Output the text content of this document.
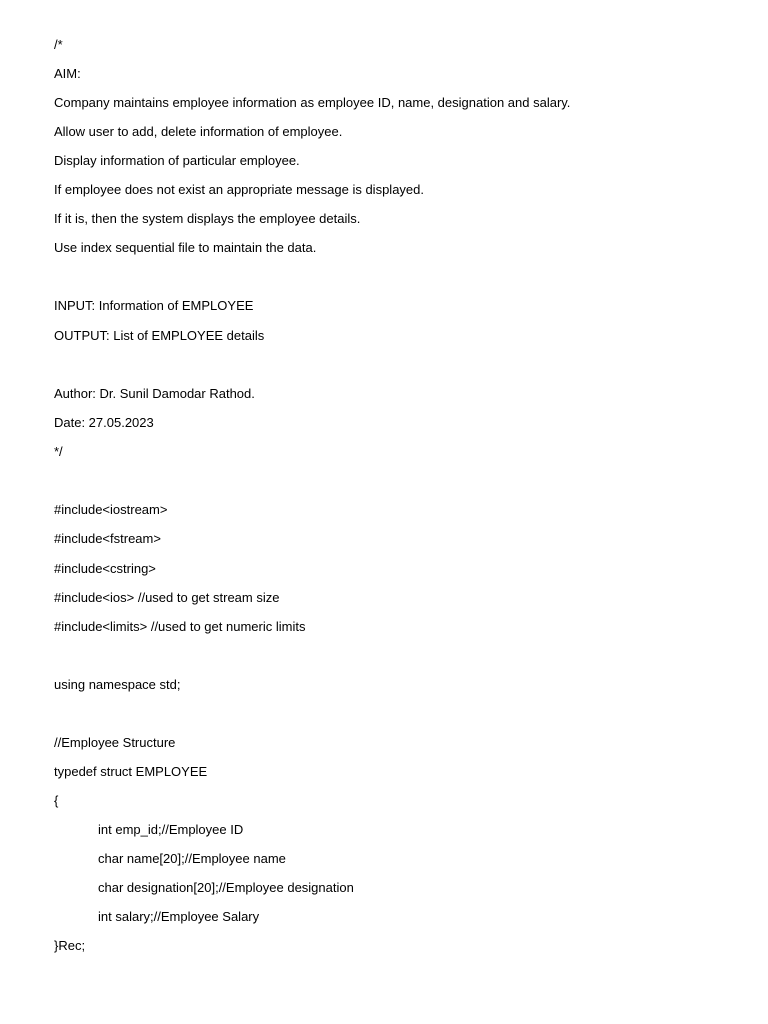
/*
AIM:
Company maintains employee information as employee ID, name, designation and salary.
Allow user to add, delete information of employee.
Display information of particular employee.
If employee does not exist an appropriate message is displayed.
If it is, then the system displays the employee details.
Use index sequential file to maintain the data.
INPUT: Information of EMPLOYEE
OUTPUT: List of EMPLOYEE details
Author: Dr. Sunil Damodar Rathod.
Date: 27.05.2023
*/
#include<iostream>
#include<fstream>
#include<cstring>
#include<ios> //used to get stream size
#include<limits> //used to get numeric limits
using namespace std;
//Employee Structure
typedef struct EMPLOYEE
{
int emp_id;//Employee ID
char name[20];//Employee name
char designation[20];//Employee designation
int salary;//Employee Salary
}Rec;
